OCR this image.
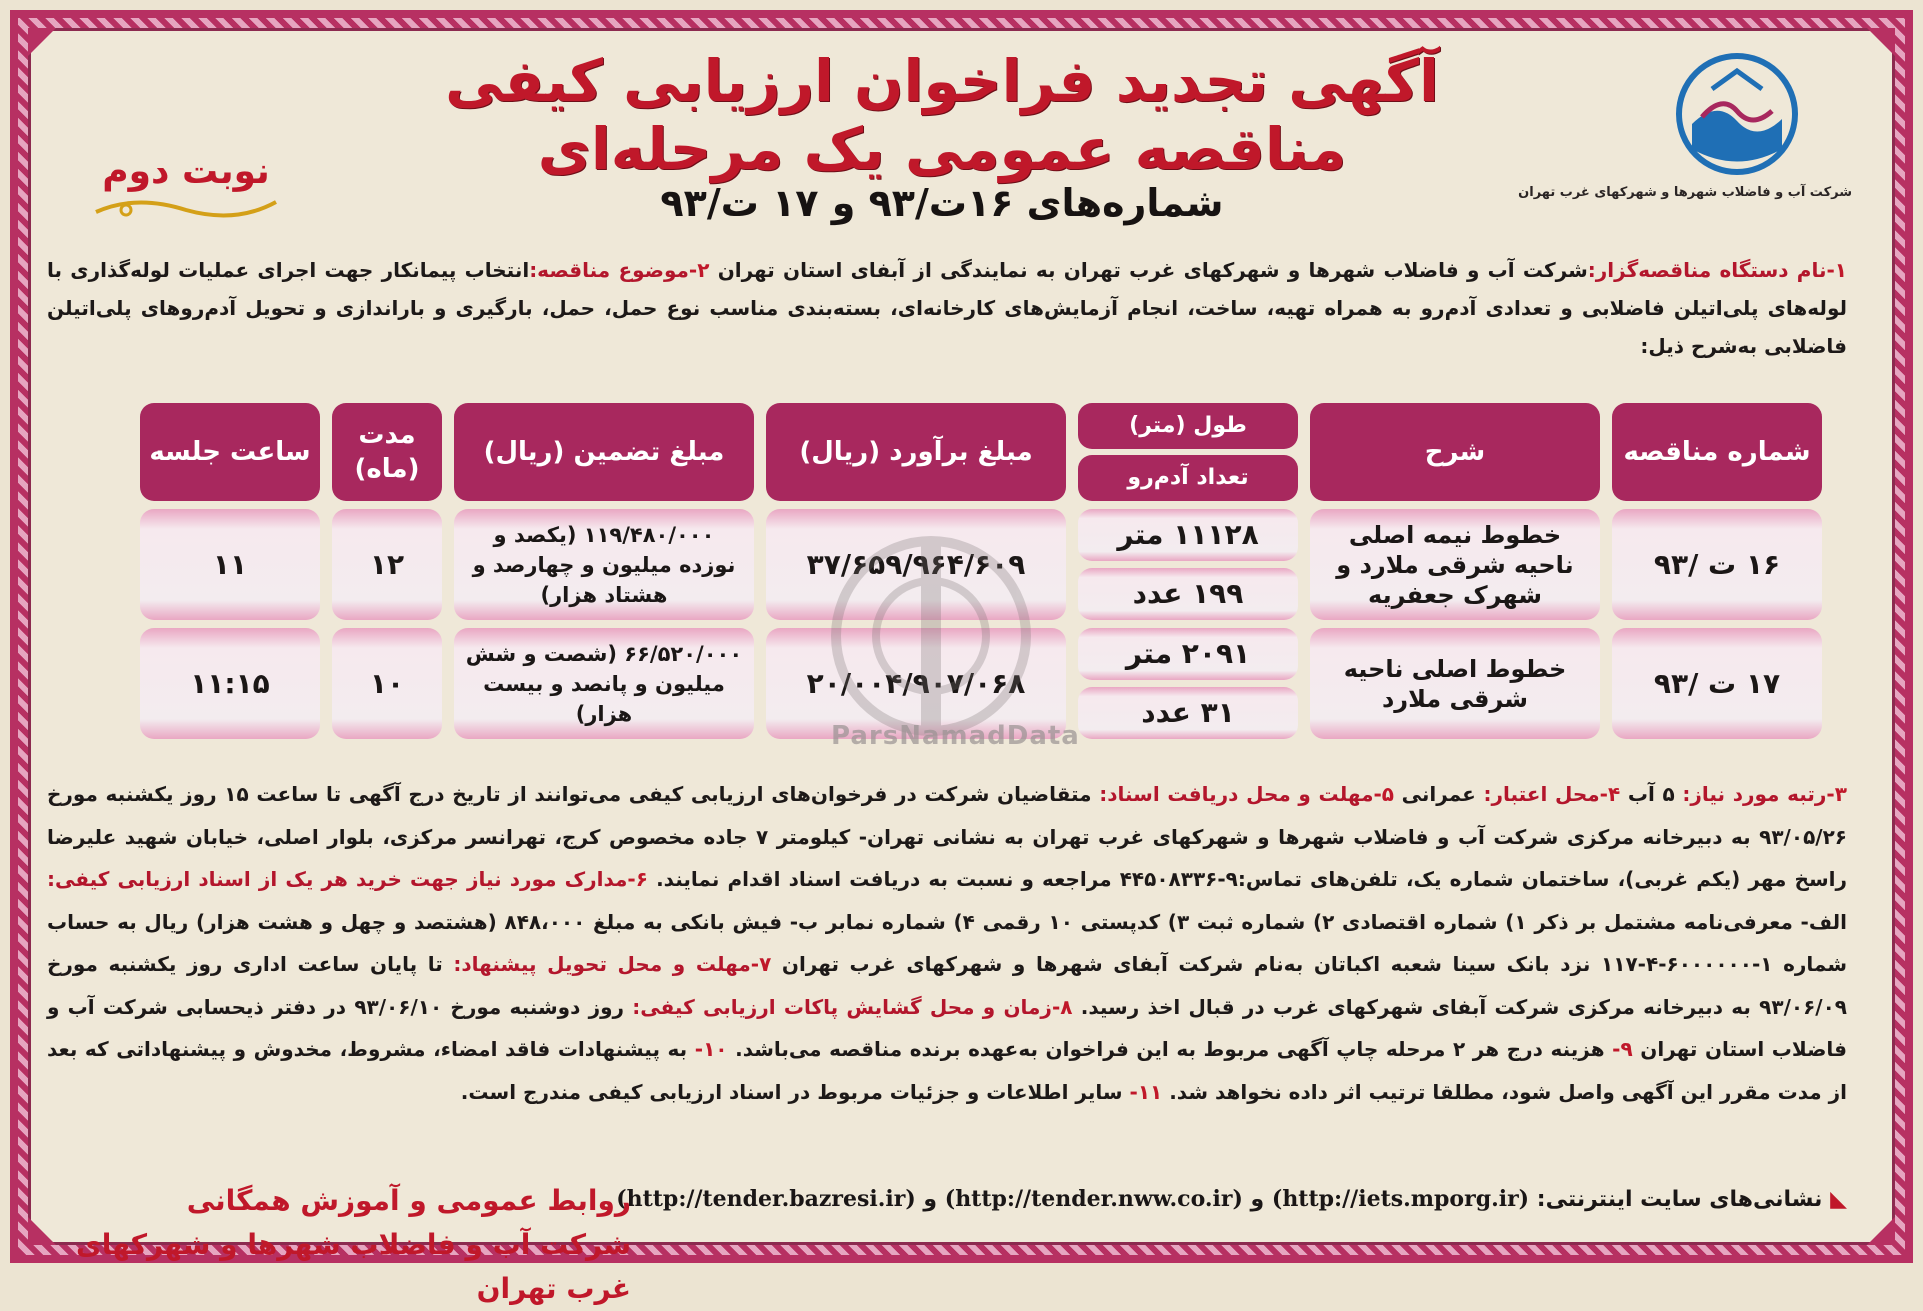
شرکت آب و فاضلاب شهرها و شهرکهای غرب تهران
آگهی تجدید فراخوان ارزیابی کیفی مناقصه عمومی یک مرحله‌ای
شماره‌های ۱۶ت/۹۳ و ۱۷ ت/۹۳
نوبت دوم
۱-نام دستگاه مناقصه‌گزار:شرکت آب و فاضلاب شهرها و شهرکهای غرب تهران به نمایندگی از آبفای استان تهران ۲-موضوع مناقصه:انتخاب پیمانکار جهت اجرای عملیات لوله‌گذاری با لوله‌های پلی‌اتیلن فاضلابی و تعدادی آدم‌رو به همراه تهیه، ساخت، انجام آزمایش‌های کارخانه‌ای، بسته‌بندی مناسب نوع حمل، حمل، بارگیری و باراندازی و تحویل آدم‌روهای پلی‌اتیلن فاضلابی به‌شرح ذیل:
شماره مناقصه
۱۶ ت /۹۳
۱۷ ت /۹۳
شرح
خطوط نیمه اصلی ناحیه شرقی ملارد و شهرک جعفریه
خطوط اصلی ناحیه شرقی ملارد
طول (متر)
تعداد آدم‌رو
۱۱۱۲۸ متر
۱۹۹ عدد
۲۰۹۱ متر
۳۱ عدد
مبلغ برآورد (ریال)
۳۷/۶۵۹/۹۶۴/۶۰۹
۲۰/۰۰۴/۹۰۷/۰۶۸
مبلغ تضمین (ریال)
۱۱۹/۴۸۰/۰۰۰ (یکصد و نوزده میلیون و چهارصد و هشتاد هزار)
۶۶/۵۲۰/۰۰۰ (شصت و شش میلیون و پانصد و بیست هزار)
مدت (ماه)
۱۲
۱۰
ساعت جلسه
۱۱
۱۱:۱۵
ParsNamadData
۳-رتبه مورد نیاز: ۵ آب ۴-محل اعتبار: عمرانی ۵-مهلت و محل دریافت اسناد: متقاضیان شرکت در فرخوان‌های ارزیابی کیفی می‌توانند از تاریخ درج آگهی تا ساعت ۱۵ روز یکشنبه مورخ ۹۳/۰۵/۲۶ به دبیرخانه مرکزی شرکت آب و فاضلاب شهرها و شهرکهای غرب تهران به نشانی تهران- کیلومتر ۷ جاده مخصوص کرج، تهرانسر مرکزی، بلوار اصلی، خیابان شهید علیرضا راسخ مهر (یکم غربی)، ساختمان شماره یک، تلفن‌های تماس:۹-۴۴۵۰۸۳۳۶ مراجعه و نسبت به دریافت اسناد اقدام نمایند. ۶-مدارک مورد نیاز جهت خرید هر یک از اسناد ارزیابی کیفی: الف- معرفی‌نامه مشتمل بر ذکر ۱) شماره اقتصادی ۲) شماره ثبت ۳) کدپستی ۱۰ رقمی ۴) شماره نمابر ب- فیش بانکی به مبلغ ۸۴۸،۰۰۰ (هشتصد و چهل و هشت هزار) ریال به حساب شماره ۱-۶۰۰۰۰۰۰-۴-۱۱۷ نزد بانک سینا شعبه اکباتان به‌نام شرکت آبفای شهرها و شهرکهای غرب تهران ۷-مهلت و محل تحویل پیشنهاد: تا پایان ساعت اداری روز یکشنبه مورخ ۹۳/۰۶/۰۹ به دبیرخانه مرکزی شرکت آبفای شهرکهای غرب در قبال اخذ رسید. ۸-زمان و محل گشایش پاکات ارزیابی کیفی: روز دوشنبه مورخ ۹۳/۰۶/۱۰ در دفتر ذیحسابی شرکت آب و فاضلاب استان تهران ۹- هزینه درج هر ۲ مرحله چاپ آگهی مربوط به این فراخوان به‌عهده برنده مناقصه می‌باشد. ۱۰- به پیشنهادات فاقد امضاء، مشروط، مخدوش و پیشنهاداتی که بعد از مدت مقرر این آگهی واصل شود، مطلقا ترتیب اثر داده نخواهد شد. ۱۱- سایر اطلاعات و جزئیات مربوط در اسناد ارزیابی کیفی مندرج است.
◣ نشانی‌های سایت اینترنتی: (http://iets.mporg.ir) و (http://tender.nww.co.ir) و (http://tender.bazresi.ir)
روابط عمومی و آموزش همگانی
شرکت آب و فاضلاب شهرها و شهرکهای غرب تهران
